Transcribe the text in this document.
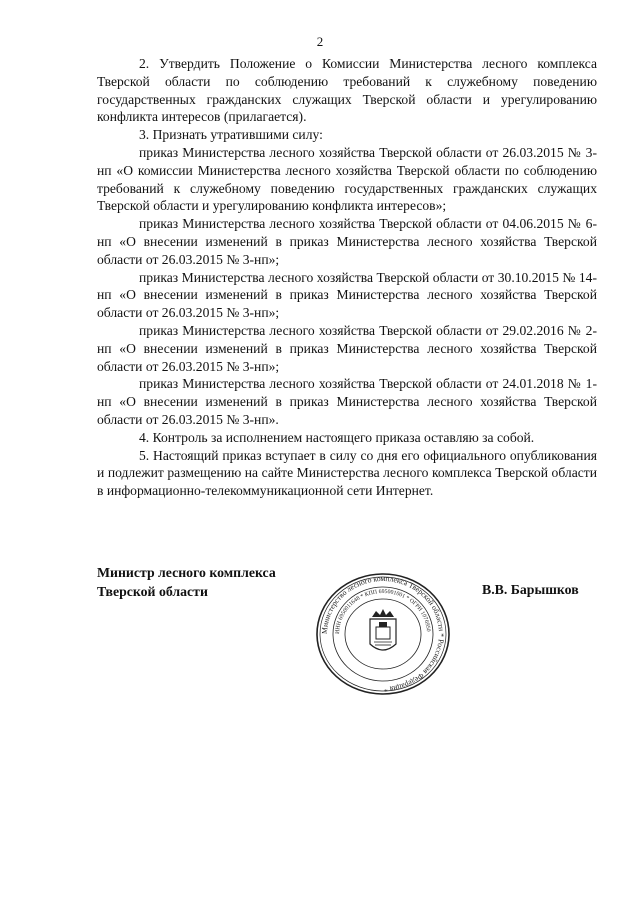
2

2. Утвердить Положение о Комиссии Министерства лесного комплекса Тверской области по соблюдению требований к служебному поведению государственных гражданских служащих Тверской области и урегулированию конфликта интересов (прилагается).

3. Признать утратившими силу:

приказ Министерства лесного хозяйства Тверской области от 26.03.2015 № 3-нп «О комиссии Министерства лесного хозяйства Тверской области по соблюдению требований к служебному поведению государственных гражданских служащих Тверской области и урегулированию конфликта интересов»;

приказ Министерства лесного хозяйства Тверской области от 04.06.2015 № 6-нп «О внесении изменений в приказ Министерства лесного хозяйства Тверской области от 26.03.2015 № 3-нп»;

приказ Министерства лесного хозяйства Тверской области от 30.10.2015 № 14-нп «О внесении изменений в приказ Министерства лесного хозяйства Тверской области от 26.03.2015 № 3-нп»;

приказ Министерства лесного хозяйства Тверской области от 29.02.2016 № 2-нп «О внесении изменений в приказ Министерства лесного хозяйства Тверской области от 26.03.2015 № 3-нп»;

приказ Министерства лесного хозяйства Тверской области от 24.01.2018 № 1-нп «О внесении изменений в приказ Министерства лесного хозяйства Тверской области от 26.03.2015 № 3-нп».

4. Контроль за исполнением настоящего приказа оставляю за собой.

5. Настоящий приказ вступает в силу со дня его официального опубликования и подлежит размещению на сайте Министерства лесного комплекса Тверской области в информационно-телекоммуникационной сети Интернет.

Министр лесного комплекса
Тверской области	В.В. Барышков
Министерство лесного комплекса Тверской области * Российская Федерация *
ИНН 6950011648 * КПП 695001001 * ОГРН 1076950
